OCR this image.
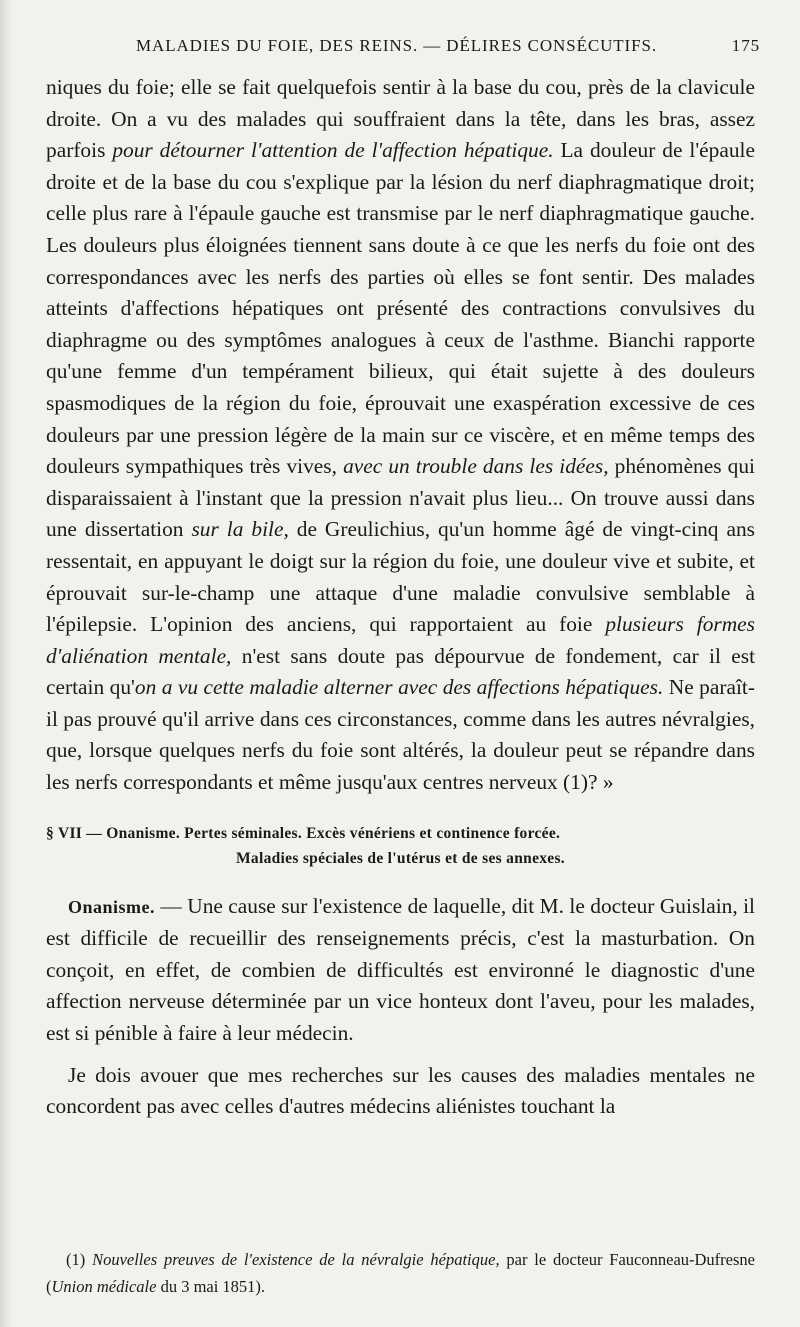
MALADIES DU FOIE, DES REINS. — DÉLIRES CONSÉCUTIFS.	175

niques du foie; elle se fait quelquefois sentir à la base du cou, près de la clavicule droite. On a vu des malades qui souffraient dans la tête, dans les bras, assez parfois pour détourner l'attention de l'affection hépatique. La douleur de l'épaule droite et de la base du cou s'explique par la lésion du nerf diaphragmatique droit; celle plus rare à l'épaule gauche est transmise par le nerf diaphragmatique gauche. Les douleurs plus éloignées tiennent sans doute à ce que les nerfs du foie ont des correspondances avec les nerfs des parties où elles se font sentir. Des malades atteints d'affections hépatiques ont présenté des contractions convulsives du diaphragme ou des symptômes analogues à ceux de l'asthme. Bianchi rapporte qu'une femme d'un tempérament bilieux, qui était sujette à des douleurs spasmodiques de la région du foie, éprouvait une exaspération excessive de ces douleurs par une pression légère de la main sur ce viscère, et en même temps des douleurs sympathiques très vives, avec un trouble dans les idées, phénomènes qui disparaissaient à l'instant que la pression n'avait plus lieu... On trouve aussi dans une dissertation sur la bile, de Greulichius, qu'un homme âgé de vingt-cinq ans ressentait, en appuyant le doigt sur la région du foie, une douleur vive et subite, et éprouvait sur-le-champ une attaque d'une maladie convulsive semblable à l'épilepsie. L'opinion des anciens, qui rapportaient au foie plusieurs formes d'aliénation mentale, n'est sans doute pas dépourvue de fondement, car il est certain qu'on a vu cette maladie alterner avec des affections hépatiques. Ne paraît-il pas prouvé qu'il arrive dans ces circonstances, comme dans les autres névralgies, que, lorsque quelques nerfs du foie sont altérés, la douleur peut se répandre dans les nerfs correspondants et même jusqu'aux centres nerveux (1)? »

§ VII — Onanisme. Pertes séminales. Excès vénériens et continence forcée.
Maladies spéciales de l'utérus et de ses annexes.

Onanisme. — Une cause sur l'existence de laquelle, dit M. le docteur Guislain, il est difficile de recueillir des renseignements précis, c'est la masturbation. On conçoit, en effet, de combien de difficultés est environné le diagnostic d'une affection nerveuse déterminée par un vice honteux dont l'aveu, pour les malades, est si pénible à faire à leur médecin.

Je dois avouer que mes recherches sur les causes des maladies mentales ne concordent pas avec celles d'autres médecins aliénistes touchant la

(1) Nouvelles preuves de l'existence de la névralgie hépatique, par le docteur Fauconneau-Dufresne (Union médicale du 3 mai 1851).
